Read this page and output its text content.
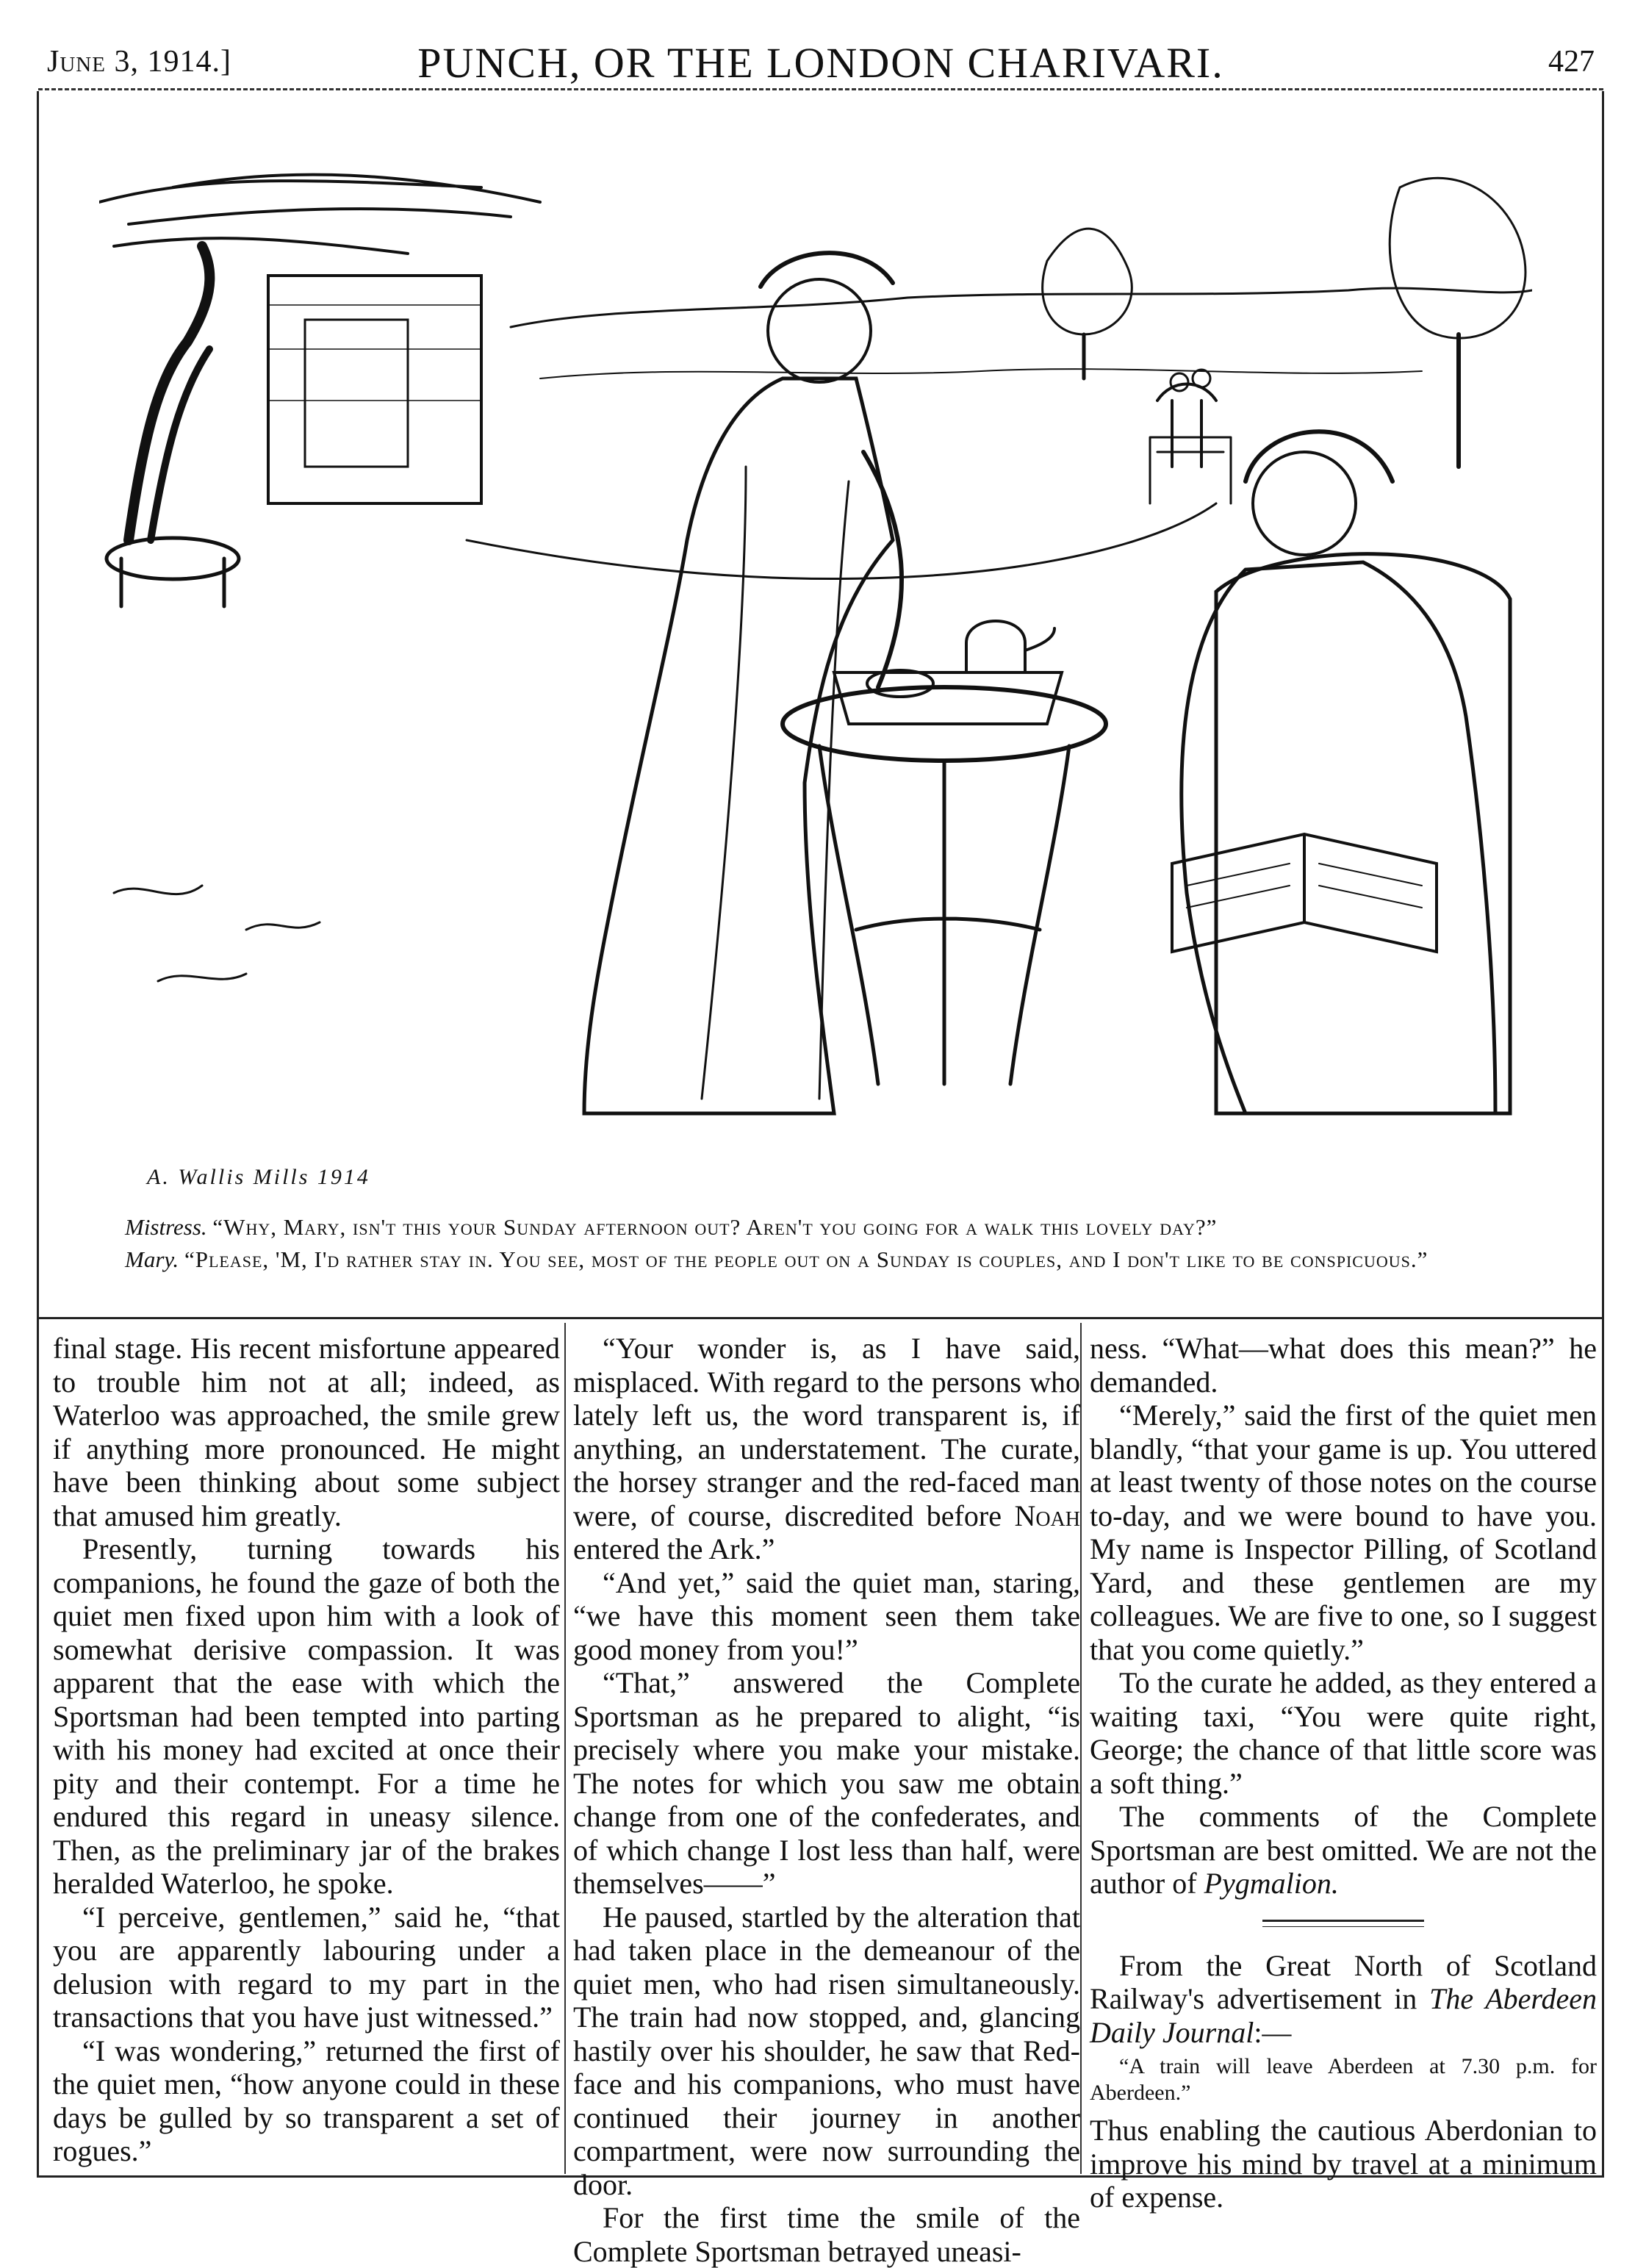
June 3, 1914.]	PUNCH, OR THE LONDON CHARIVARI.	427
A. Wallis Mills 1914

Mistress. “Why, Mary, isn't this your Sunday afternoon out? Aren't you going for a walk this lovely day?”

Mary. “Please, 'M, I'd rather stay in. You see, most of the people out on a Sunday is couples, and I don't like to be conspicuous.”

final stage. His recent misfortune appeared to trouble him not at all; indeed, as Waterloo was approached, the smile grew if anything more pronounced. He might have been thinking about some subject that amused him greatly.

Presently, turning towards his companions, he found the gaze of both the quiet men fixed upon him with a look of somewhat derisive compassion. It was apparent that the ease with which the Sportsman had been tempted into parting with his money had excited at once their pity and their contempt. For a time he endured this regard in uneasy silence. Then, as the preliminary jar of the brakes heralded Waterloo, he spoke.

“I perceive, gentlemen,” said he, “that you are apparently labouring under a delusion with regard to my part in the transactions that you have just witnessed.”

“I was wondering,” returned the first of the quiet men, “how anyone could in these days be gulled by so transparent a set of rogues.”

“Your wonder is, as I have said, misplaced. With regard to the persons who lately left us, the word transparent is, if anything, an understatement. The curate, the horsey stranger and the red-faced man were, of course, discredited before Noah entered the Ark.”

“And yet,” said the quiet man, staring, “we have this moment seen them take good money from you!”

“That,” answered the Complete Sportsman as he prepared to alight, “is precisely where you make your mistake. The notes for which you saw me obtain change from one of the confederates, and of which change I lost less than half, were themselves——”

He paused, startled by the alteration that had taken place in the demeanour of the quiet men, who had risen simultaneously. The train had now stopped, and, glancing hastily over his shoulder, he saw that Red-face and his companions, who must have continued their journey in another compartment, were now surrounding the door.

For the first time the smile of the Complete Sportsman betrayed uneasi-

ness. “What—what does this mean?” he demanded.

“Merely,” said the first of the quiet men blandly, “that your game is up. You uttered at least twenty of those notes on the course to-day, and we were bound to have you. My name is Inspector Pilling, of Scotland Yard, and these gentlemen are my colleagues. We are five to one, so I suggest that you come quietly.”

To the curate he added, as they entered a waiting taxi, “You were quite right, George; the chance of that little score was a soft thing.”

The comments of the Complete Sportsman are best omitted. We are not the author of Pygmalion.

From the Great North of Scotland Railway's advertisement in The Aberdeen Daily Journal:—

“A train will leave Aberdeen at 7.30 p.m. for Aberdeen.”

Thus enabling the cautious Aberdonian to improve his mind by travel at a minimum of expense.
